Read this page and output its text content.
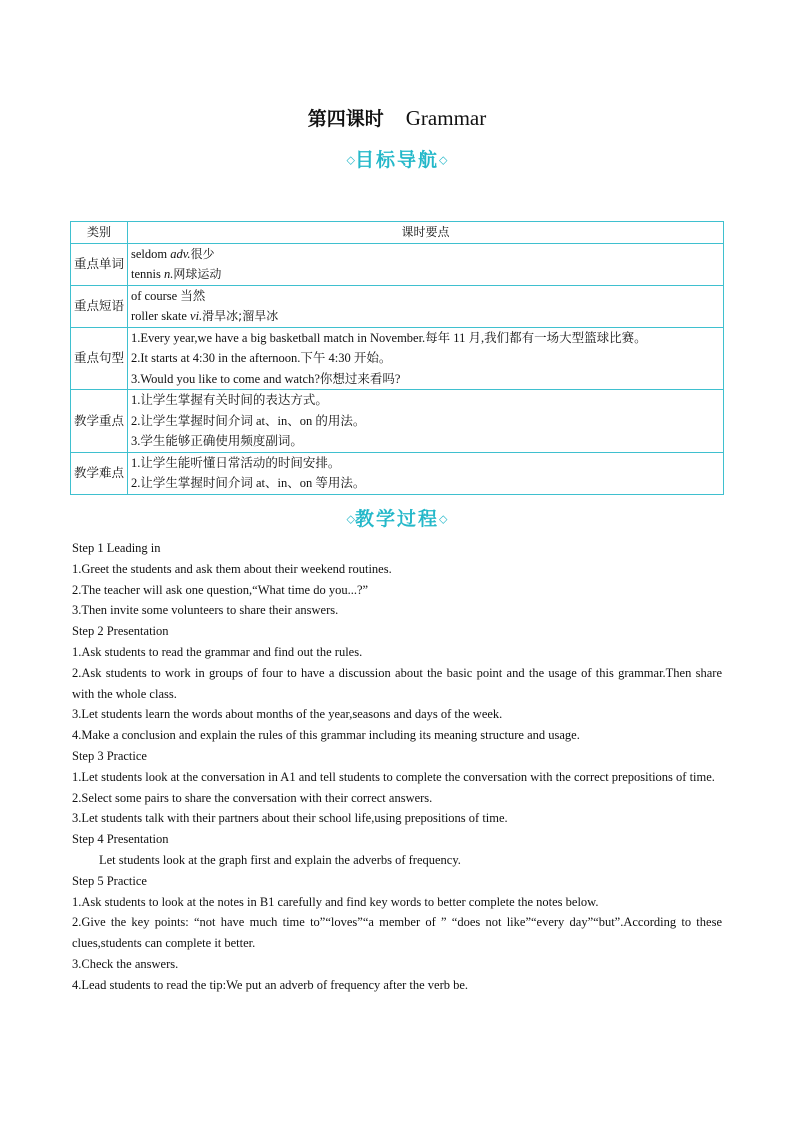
第四课时 Grammar
◇目标导航◇
类别	课时要点
重点单词	seldom adv.很少
tennis n.网球运动

重点短语	of course 当然
roller skate vi.滑旱冰;溜旱冰

重点句型	1.Every year,we have a big basketball match in November.每年 11 月,我们都有一场大型篮球比赛。
2.It starts at 4:30 in the afternoon.下午 4:30 开始。
3.Would you like to come and watch?你想过来看吗?

教学重点	1.让学生掌握有关时间的表达方式。
2.让学生掌握时间介词 at、in、on 的用法。
3.学生能够正确使用频度副词。

教学难点	1.让学生能听懂日常活动的时间安排。
2.让学生掌握时间介词 at、in、on 等用法。
◇教学过程◇

Step 1 Leading in

1.Greet the students and ask them about their weekend routines.

2.The teacher will ask one question,“What time do you...?”

3.Then invite some volunteers to share their answers.

Step 2 Presentation

1.Ask students to read the grammar and find out the rules.

2.Ask students to work in groups of four to have a discussion about the basic point and the usage of this grammar.Then share with the whole class.

3.Let students learn the words about months of the year,seasons and days of the week.

4.Make a conclusion and explain the rules of this grammar including its meaning structure and usage.

Step 3 Practice

1.Let students look at the conversation in A1 and tell students to complete the conversation with the correct prepositions of time.

2.Select some pairs to share the conversation with their correct answers.

3.Let students talk with their partners about their school life,using prepositions of time.

Step 4 Presentation

Let students look at the graph first and explain the adverbs of frequency.

Step 5 Practice

1.Ask students to look at the notes in B1 carefully and find key words to better complete the notes below.

2.Give the key points: “not have much time to”“loves”“a member of ” “does not like”“every day”“but”.According to these clues,students can complete it better.

3.Check the answers.

4.Lead students to read the tip:We put an adverb of frequency after the verb be.
